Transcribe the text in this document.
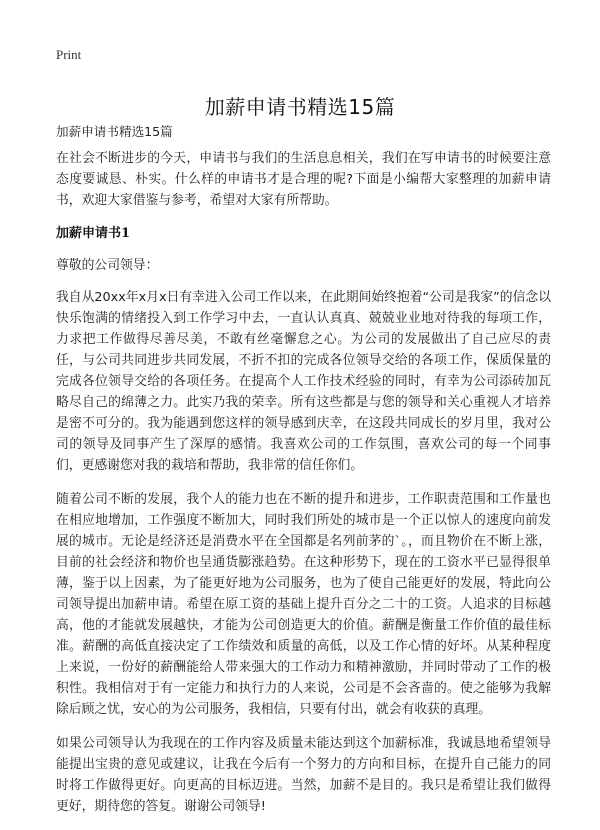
Print
加薪申请书精选15篇
加薪申请书精选15篇

在社会不断进步的今天，申请书与我们的生活息息相关，我们在写申请书的时候要注意态度要诚恳、朴实。什么样的申请书才是合理的呢?下面是小编帮大家整理的加薪申请书，欢迎大家借鉴与参考，希望对大家有所帮助。

加薪申请书1

尊敬的公司领导：

我自从20xx年x月x日有幸进入公司工作以来，在此期间始终抱着“公司是我家”的信念以快乐饱满的情绪投入到工作学习中去，一直认认真真、兢兢业业地对待我的每项工作，力求把工作做得尽善尽美，不敢有丝毫懈怠之心。为公司的发展做出了自己应尽的责任，与公司共同进步共同发展，不折不扣的完成各位领导交给的各项工作，保质保量的完成各位领导交给的各项任务。在提高个人工作技术经验的同时，有幸为公司添砖加瓦略尽自己的绵薄之力。此实乃我的荣幸。所有这些都是与您的领导和关心重视人才培养是密不可分的。我为能遇到您这样的领导感到庆幸，在这段共同成长的岁月里，我对公司的领导及同事产生了深厚的感情。我喜欢公司的工作氛围，喜欢公司的每一个同事们，更感谢您对我的栽培和帮助，我非常的信任你们。

随着公司不断的发展，我个人的能力也在不断的提升和进步，工作职责范围和工作量也在相应地增加，工作强度不断加大，同时我们所处的城市是一个正以惊人的速度向前发展的城市。无论是经济还是消费水平在全国都是名列前茅的`。，而且物价在不断上涨，目前的社会经济和物价也呈通货膨涨趋势。在这种形势下，现在的工资水平已显得很单薄，鉴于以上因素，为了能更好地为公司服务，也为了使自己能更好的发展，特此向公司领导提出加薪申请。希望在原工资的基础上提升百分之二十的工资。人追求的目标越高，他的才能就发展越快，才能为公司创造更大的价值。薪酬是衡量工作价值的最佳标准。薪酬的高低直接决定了工作绩效和质量的高低，以及工作心情的好坏。从某种程度上来说，一份好的薪酬能给人带来强大的工作动力和精神激励，并同时带动了工作的极积性。我相信对于有一定能力和执行力的人来说，公司是不会吝啬的。使之能够为我解除后顾之忧，安心的为公司服务，我相信，只要有付出，就会有收获的真理。

如果公司领导认为我现在的工作内容及质量未能达到这个加薪标准，我诚恳地希望领导能提出宝贵的意见或建议，让我在今后有一个努力的方向和目标，在提升自己能力的同时将工作做得更好。向更高的目标迈进。当然，加薪不是目的。我只是希望让我们做得更好，期待您的答复。谢谢公司领导!
